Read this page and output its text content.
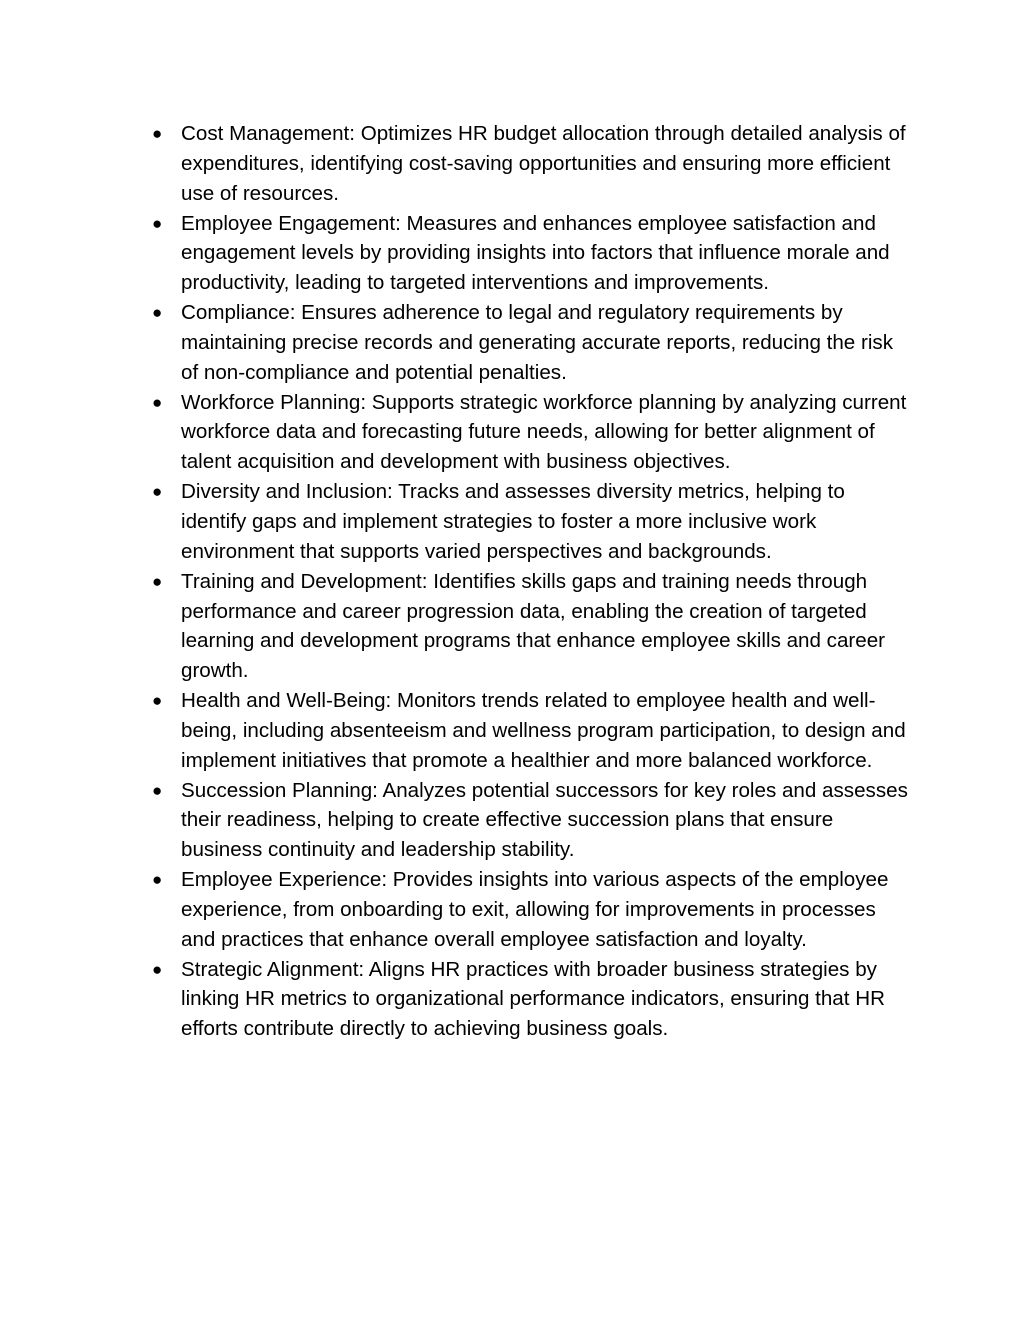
● Cost Management: Optimizes HR budget allocation through detailed analysis of expenditures, identifying cost-saving opportunities and ensuring more efficient use of resources.
● Employee Engagement: Measures and enhances employee satisfaction and engagement levels by providing insights into factors that influence morale and productivity, leading to targeted interventions and improvements.
● Compliance: Ensures adherence to legal and regulatory requirements by maintaining precise records and generating accurate reports, reducing the risk of non-compliance and potential penalties.
● Workforce Planning: Supports strategic workforce planning by analyzing current workforce data and forecasting future needs, allowing for better alignment of talent acquisition and development with business objectives.
● Diversity and Inclusion: Tracks and assesses diversity metrics, helping to identify gaps and implement strategies to foster a more inclusive work environment that supports varied perspectives and backgrounds.
● Training and Development: Identifies skills gaps and training needs through performance and career progression data, enabling the creation of targeted learning and development programs that enhance employee skills and career growth.
● Health and Well-Being: Monitors trends related to employee health and well-being, including absenteeism and wellness program participation, to design and implement initiatives that promote a healthier and more balanced workforce.
● Succession Planning: Analyzes potential successors for key roles and assesses their readiness, helping to create effective succession plans that ensure business continuity and leadership stability.
● Employee Experience: Provides insights into various aspects of the employee experience, from onboarding to exit, allowing for improvements in processes and practices that enhance overall employee satisfaction and loyalty.
● Strategic Alignment: Aligns HR practices with broader business strategies by linking HR metrics to organizational performance indicators, ensuring that HR efforts contribute directly to achieving business goals.
